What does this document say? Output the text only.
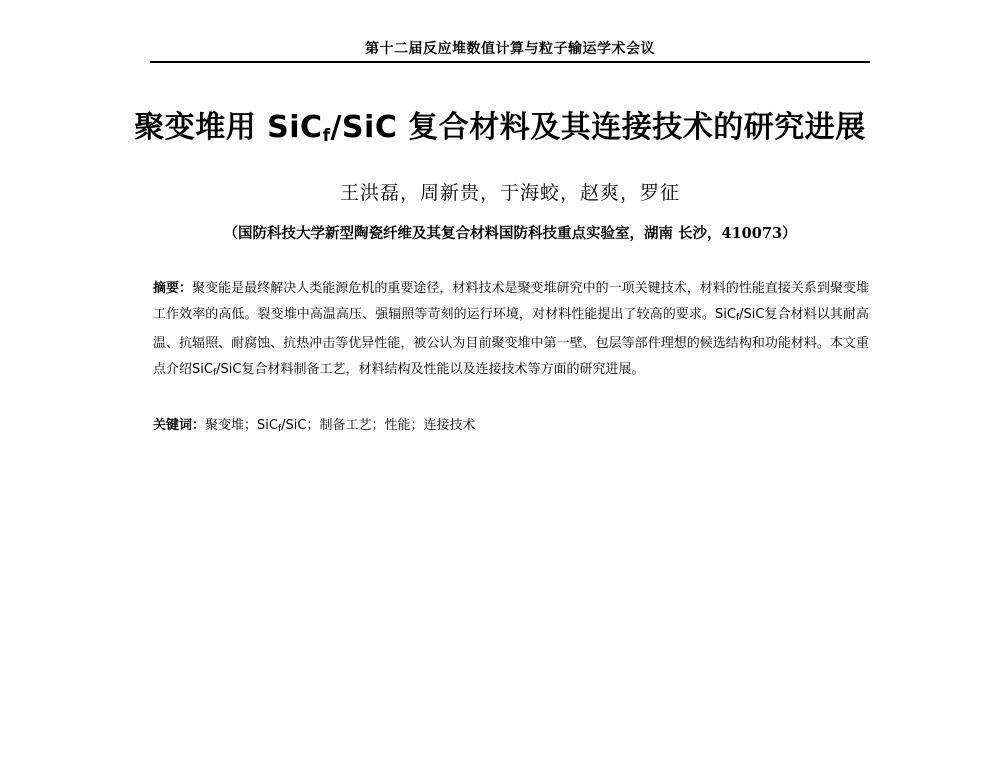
第十二届反应堆数值计算与粒子输运学术会议
聚变堆用 SiC$_f$/SiC 复合材料及其连接技术的研究进展
王洪磊，周新贵，于海蛟，赵爽，罗征
（国防科技大学新型陶瓷纤维及其复合材料国防科技重点实验室，湖南 长沙，410073）
摘要：聚变能是最终解决人类能源危机的重要途径，材料技术是聚变堆研究中的一项关键技术，材料的性能直接关系到聚变堆工作效率的高低。裂变堆中高温高压、强辐照等苛刻的运行环境，对材料性能提出了较高的要求。SiC$_f$/SiC复合材料以其耐高温、抗辐照、耐腐蚀、抗热冲击等优异性能，被公认为目前聚变堆中第一壁、包层等部件理想的候选结构和功能材料。本文重点介绍SiC$_f$/SiC复合材料制备工艺，材料结构及性能以及连接技术等方面的研究进展。
关键词：聚变堆；SiC$_f$/SiC；制备工艺；性能；连接技术
